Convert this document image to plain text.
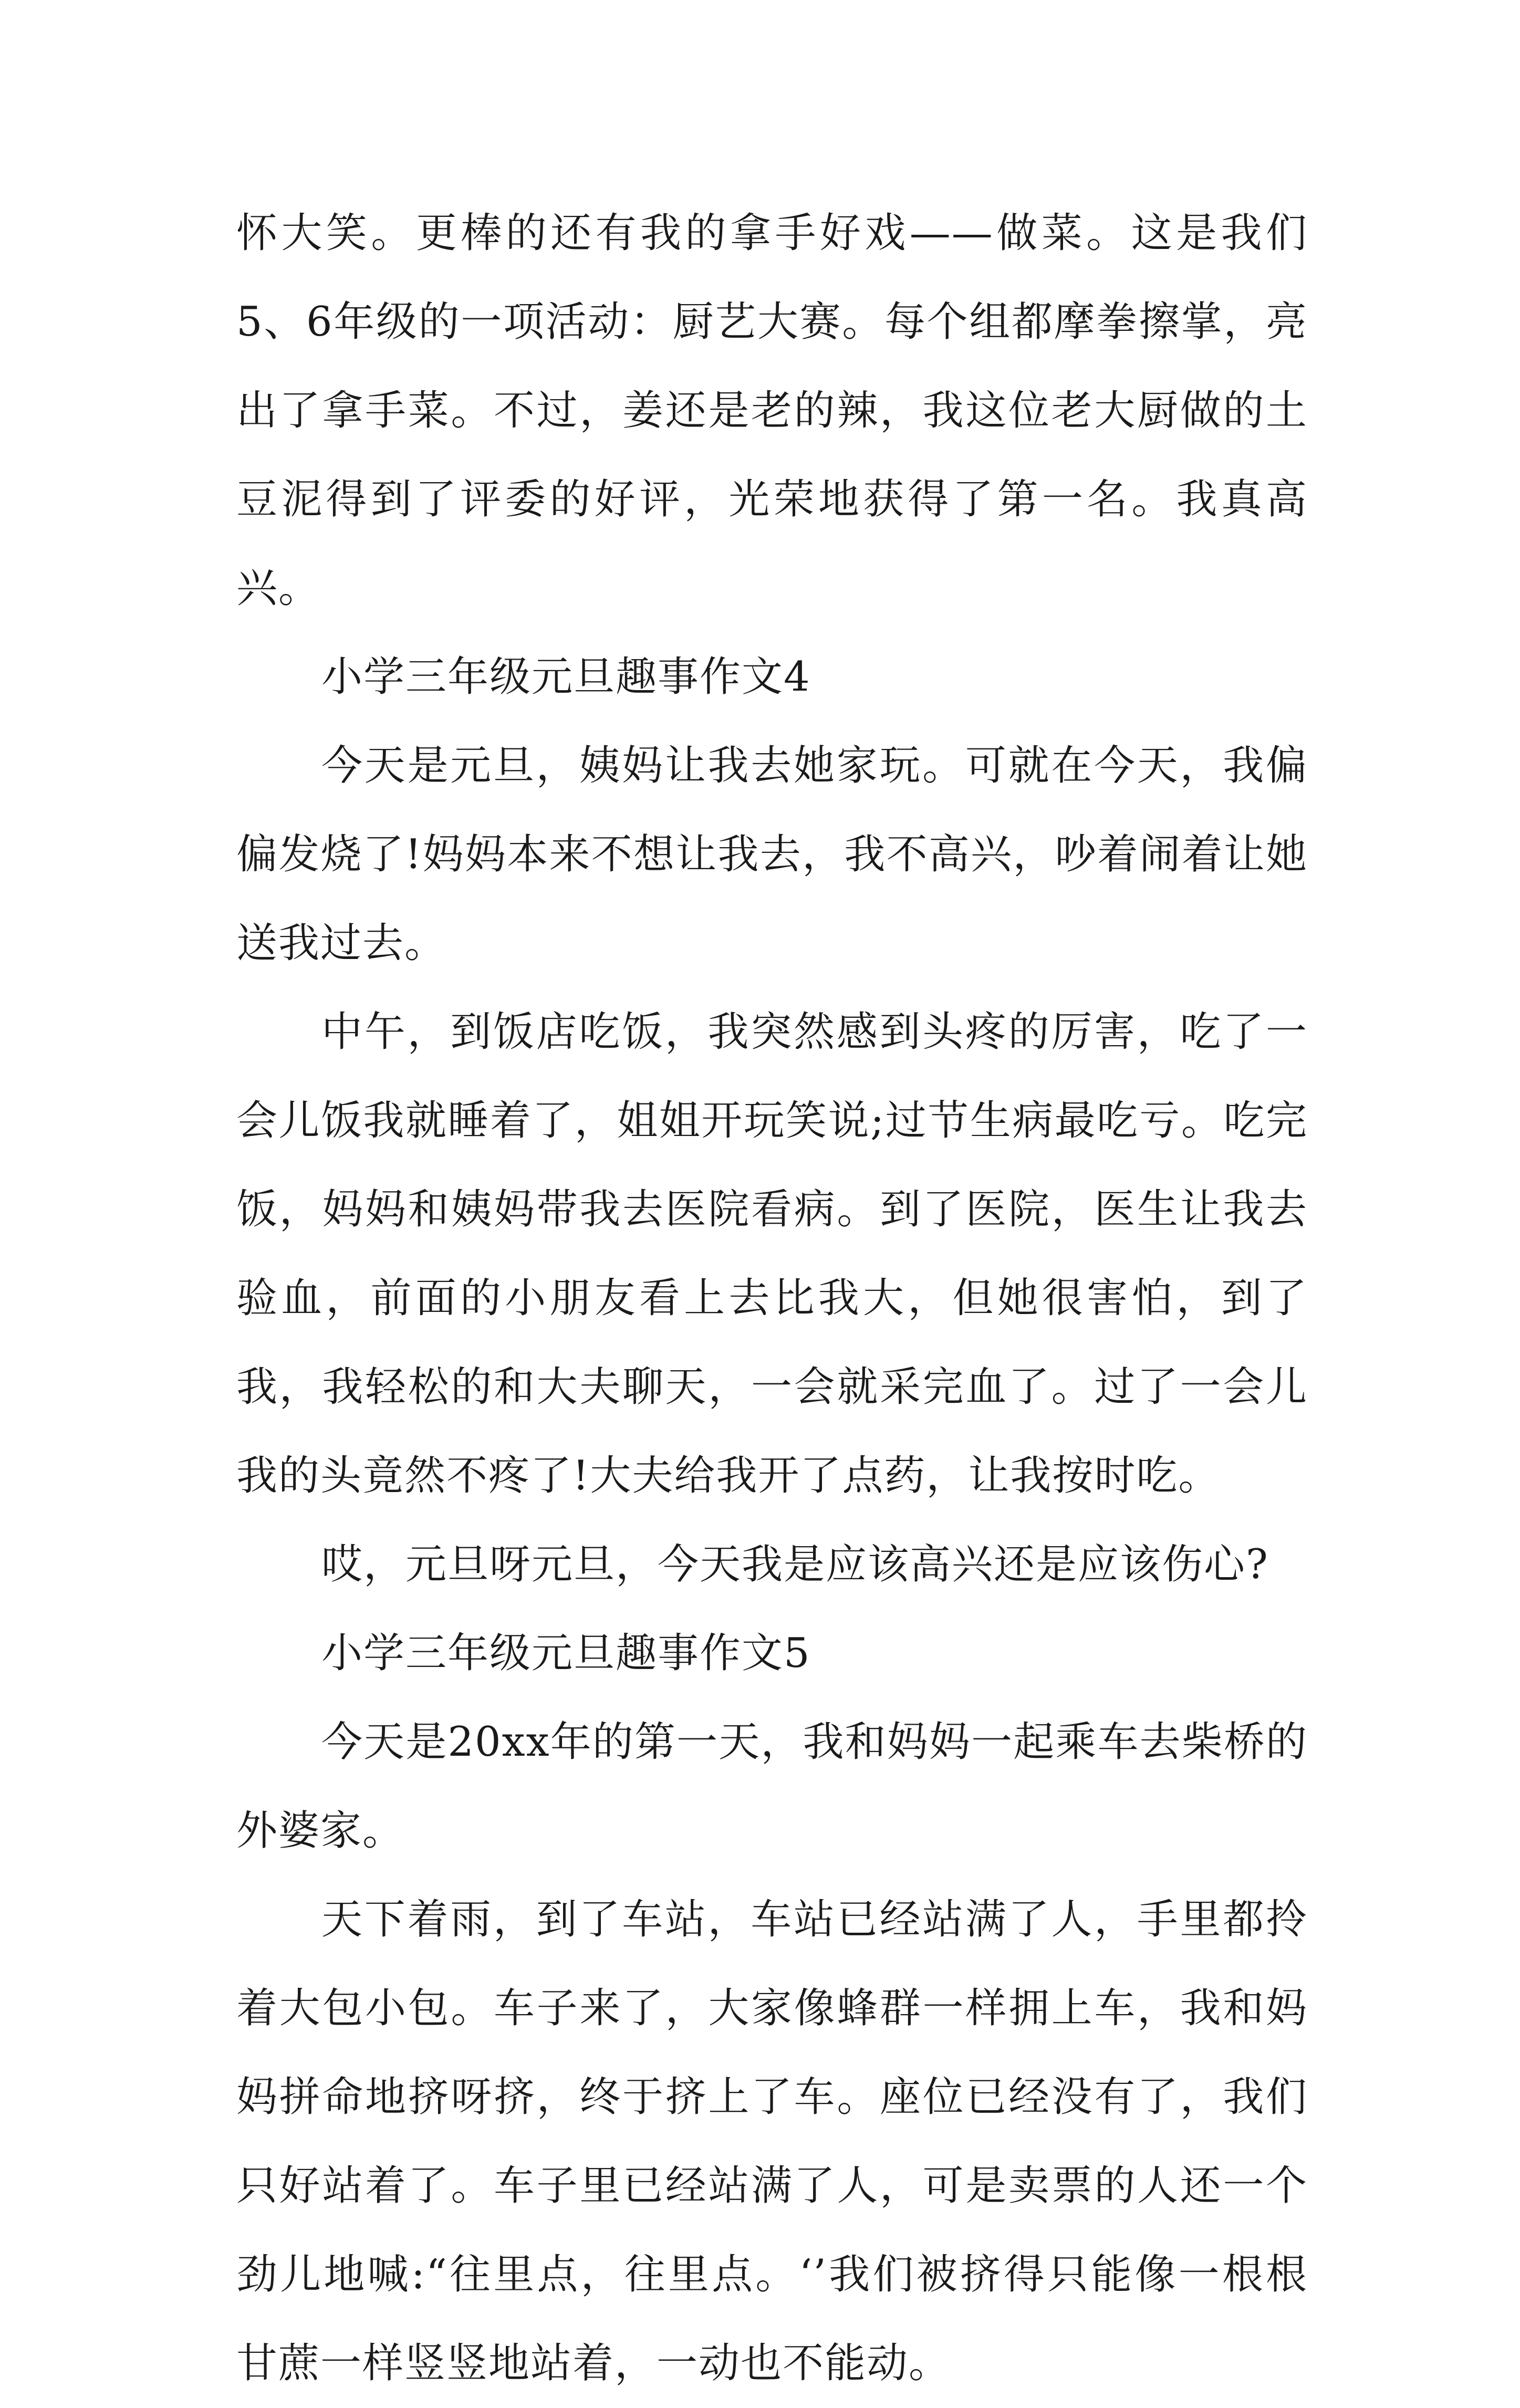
怀大笑。更棒的还有我的拿手好戏——做菜。这是我们5、6年级的一项活动：厨艺大赛。每个组都摩拳擦掌，亮出了拿手菜。不过，姜还是老的辣，我这位老大厨做的土豆泥得到了评委的好评，光荣地获得了第一名。我真高兴。

小学三年级元旦趣事作文4

今天是元旦，姨妈让我去她家玩。可就在今天，我偏偏发烧了!妈妈本来不想让我去，我不高兴，吵着闹着让她送我过去。

中午，到饭店吃饭，我突然感到头疼的厉害，吃了一会儿饭我就睡着了，姐姐开玩笑说;过节生病最吃亏。吃完饭，妈妈和姨妈带我去医院看病。到了医院，医生让我去验血，前面的小朋友看上去比我大，但她很害怕，到了我，我轻松的和大夫聊天，一会就采完血了。过了一会儿我的头竟然不疼了!大夫给我开了点药，让我按时吃。

哎，元旦呀元旦，今天我是应该高兴还是应该伤心?

小学三年级元旦趣事作文5

今天是20xx年的第一天，我和妈妈一起乘车去柴桥的外婆家。

天下着雨，到了车站，车站已经站满了人，手里都拎着大包小包。车子来了，大家像蜂群一样拥上车，我和妈妈拼命地挤呀挤，终于挤上了车。座位已经没有了，我们只好站着了。车子里已经站满了人，可是卖票的人还一个劲儿地喊:“往里点，往里点。‘’我们被挤得只能像一根根甘蔗一样竖竖地站着，一动也不能动。
